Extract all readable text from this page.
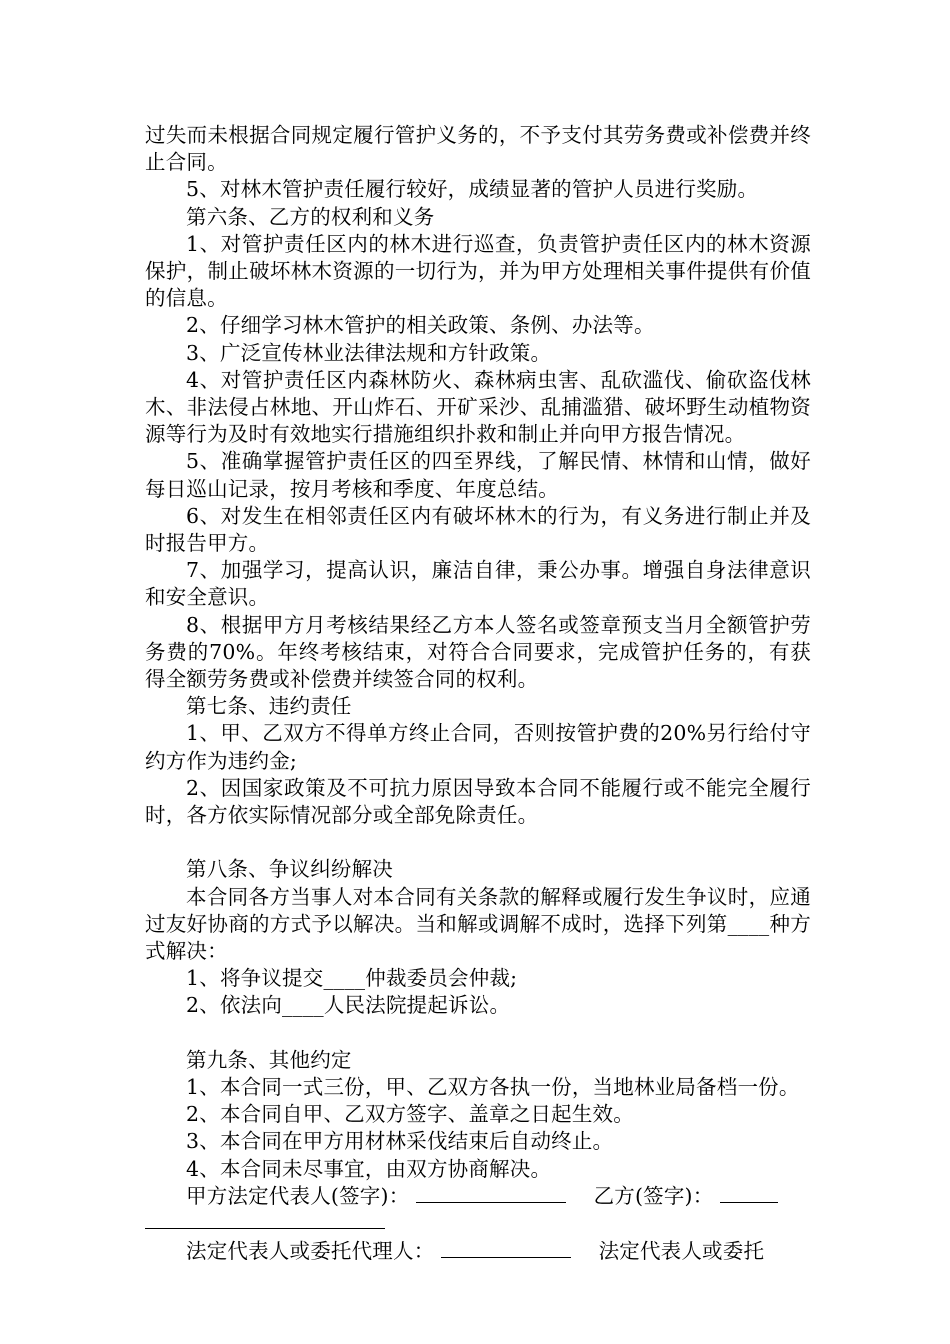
过失而未根据合同规定履行管护义务的，不予支付其劳务费或补偿费并终止合同。

5、对林木管护责任履行较好，成绩显著的管护人员进行奖励。

第六条、乙方的权利和义务

1、对管护责任区内的林木进行巡查，负责管护责任区内的林木资源保护，制止破坏林木资源的一切行为，并为甲方处理相关事件提供有价值的信息。

2、仔细学习林木管护的相关政策、条例、办法等。

3、广泛宣传林业法律法规和方针政策。

4、对管护责任区内森林防火、森林病虫害、乱砍滥伐、偷砍盗伐林木、非法侵占林地、开山炸石、开矿采沙、乱捕滥猎、破坏野生动植物资源等行为及时有效地实行措施组织扑救和制止并向甲方报告情况。

5、准确掌握管护责任区的四至界线，了解民情、林情和山情，做好每日巡山记录，按月考核和季度、年度总结。

6、对发生在相邻责任区内有破坏林木的行为，有义务进行制止并及时报告甲方。

7、加强学习，提高认识，廉洁自律，秉公办事。增强自身法律意识和安全意识。

8、根据甲方月考核结果经乙方本人签名或签章预支当月全额管护劳务费的70%。年终考核结束，对符合合同要求，完成管护任务的，有获得全额劳务费或补偿费并续签合同的权利。

第七条、违约责任

1、甲、乙双方不得单方终止合同，否则按管护费的20%另行给付守约方作为违约金;

2、因国家政策及不可抗力原因导致本合同不能履行或不能完全履行时，各方依实际情况部分或全部免除责任。

第八条、争议纠纷解决

本合同各方当事人对本合同有关条款的解释或履行发生争议时，应通过友好协商的方式予以解决。当和解或调解不成时，选择下列第____种方式解决：

1、将争议提交____仲裁委员会仲裁;

2、依法向____人民法院提起诉讼。

第九条、其他约定

1、本合同一式三份，甲、乙双方各执一份，当地林业局备档一份。

2、本合同自甲、乙双方签字、盖章之日起生效。

3、本合同在甲方用材林采伐结束后自动终止。

4、本合同未尽事宜，由双方协商解决。

甲方法定代表人(签字)：	乙方(签字)：

法定代表人或委托代理人：	法定代表人或委托
